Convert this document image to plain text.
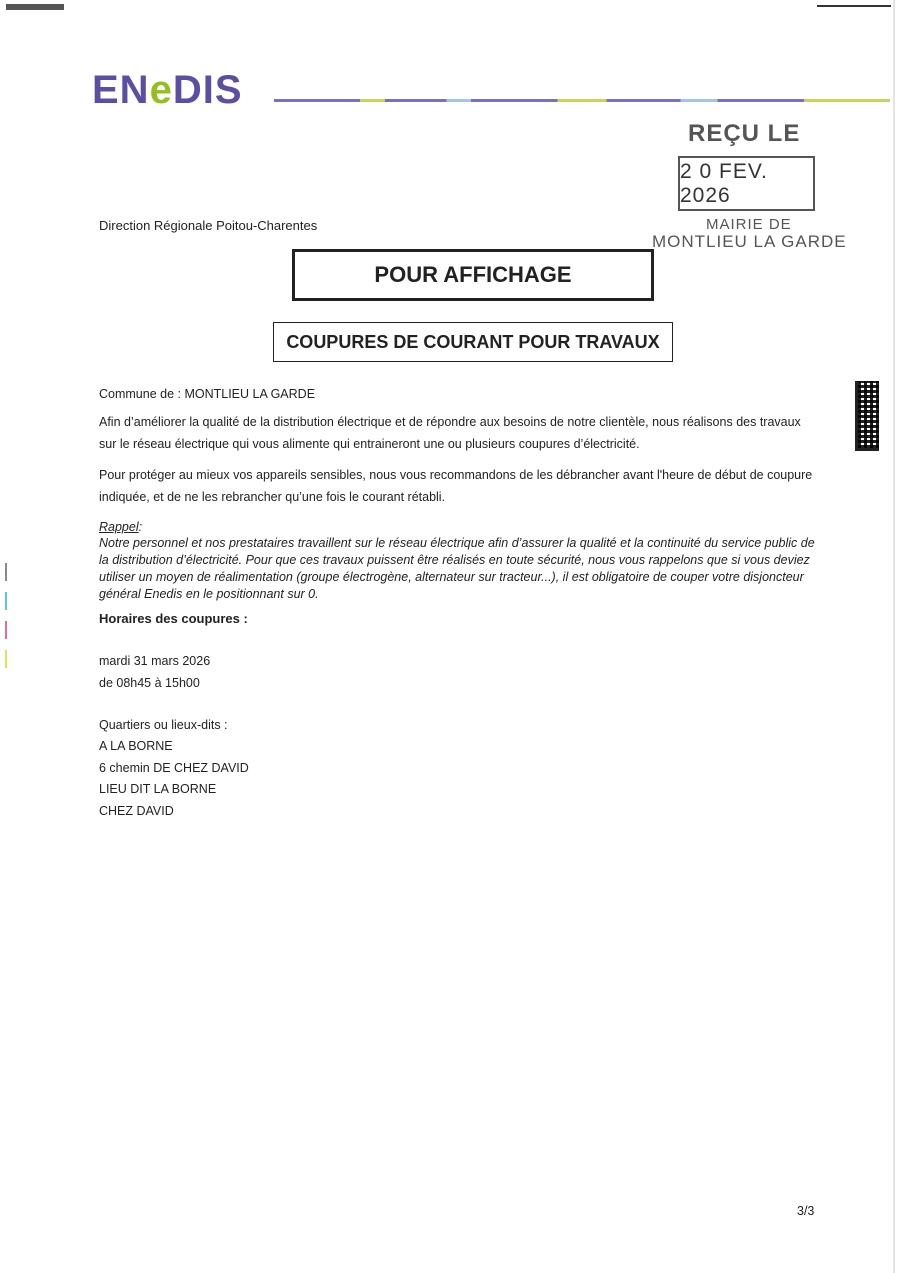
ENeDIS
REÇU LE
2 0 FEV. 2026
MAIRIE DE
MONTLIEU LA GARDE
Direction Régionale Poitou-Charentes
POUR AFFICHAGE
COUPURES DE COURANT POUR TRAVAUX
Commune de : MONTLIEU LA GARDE
Afin d’améliorer la qualité de la distribution électrique et de répondre aux besoins de notre clientèle, nous réalisons des travaux sur le réseau électrique qui vous alimente qui entraineront une ou plusieurs coupures d’électricité.
Pour protéger au mieux vos appareils sensibles, nous vous recommandons de les débrancher avant l'heure de début de coupure indiquée, et de ne les rebrancher qu’une fois le courant rétabli.
Rappel:
Notre personnel et nos prestataires travaillent sur le réseau électrique afin d’assurer la qualité et la continuité du service public de la distribution d’électricité. Pour que ces travaux puissent être réalisés en toute sécurité, nous vous rappelons que si vous deviez utiliser un moyen de réalimentation (groupe électrogène, alternateur sur tracteur...), il est obligatoire de couper votre disjoncteur général Enedis en le positionnant sur 0.
Horaires des coupures :
mardi 31 mars 2026
de 08h45 à 15h00
Quartiers ou lieux-dits :
A LA BORNE
6 chemin DE CHEZ DAVID
LIEU DIT LA BORNE
CHEZ DAVID
3/3
